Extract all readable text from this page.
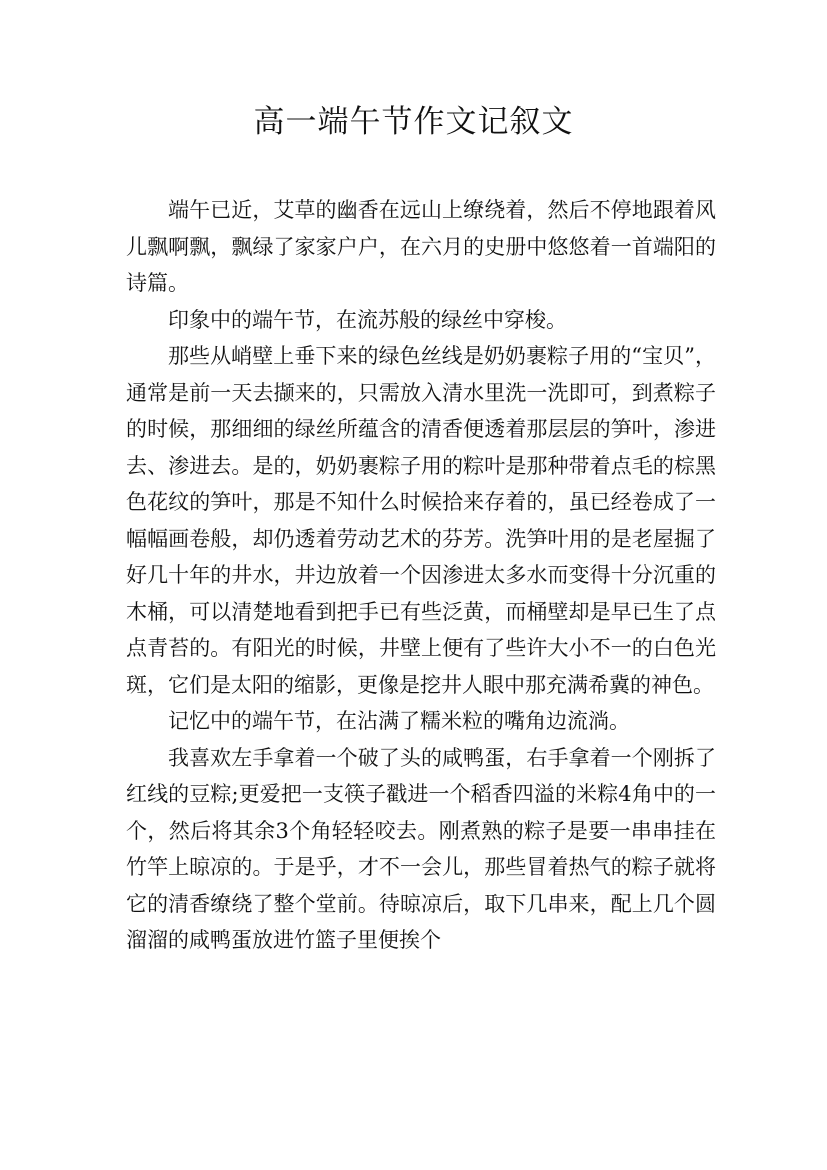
高一端午节作文记叙文

端午已近，艾草的幽香在远山上缭绕着，然后不停地跟着风儿飘啊飘，飘绿了家家户户，在六月的史册中悠悠着一首端阳的诗篇。

印象中的端午节，在流苏般的绿丝中穿梭。

那些从峭壁上垂下来的绿色丝线是奶奶裹粽子用的“宝贝”，通常是前一天去撷来的，只需放入清水里洗一洗即可，到煮粽子的时候，那细细的绿丝所蕴含的清香便透着那层层的笋叶，渗进去、渗进去。是的，奶奶裹粽子用的粽叶是那种带着点毛的棕黑色花纹的笋叶，那是不知什么时候拾来存着的，虽已经卷成了一幅幅画卷般，却仍透着劳动艺术的芬芳。洗笋叶用的是老屋掘了好几十年的井水，井边放着一个因渗进太多水而变得十分沉重的木桶，可以清楚地看到把手已有些泛黄，而桶壁却是早已生了点点青苔的。有阳光的时候，井壁上便有了些许大小不一的白色光斑，它们是太阳的缩影，更像是挖井人眼中那充满希冀的神色。

记忆中的端午节，在沾满了糯米粒的嘴角边流淌。

我喜欢左手拿着一个破了头的咸鸭蛋，右手拿着一个刚拆了红线的豆粽;更爱把一支筷子戳进一个稻香四溢的米粽4角中的一个，然后将其余3个角轻轻咬去。刚煮熟的粽子是要一串串挂在竹竿上晾凉的。于是乎，才不一会儿，那些冒着热气的粽子就将它的清香缭绕了整个堂前。待晾凉后，取下几串来，配上几个圆溜溜的咸鸭蛋放进竹篮子里便挨个
